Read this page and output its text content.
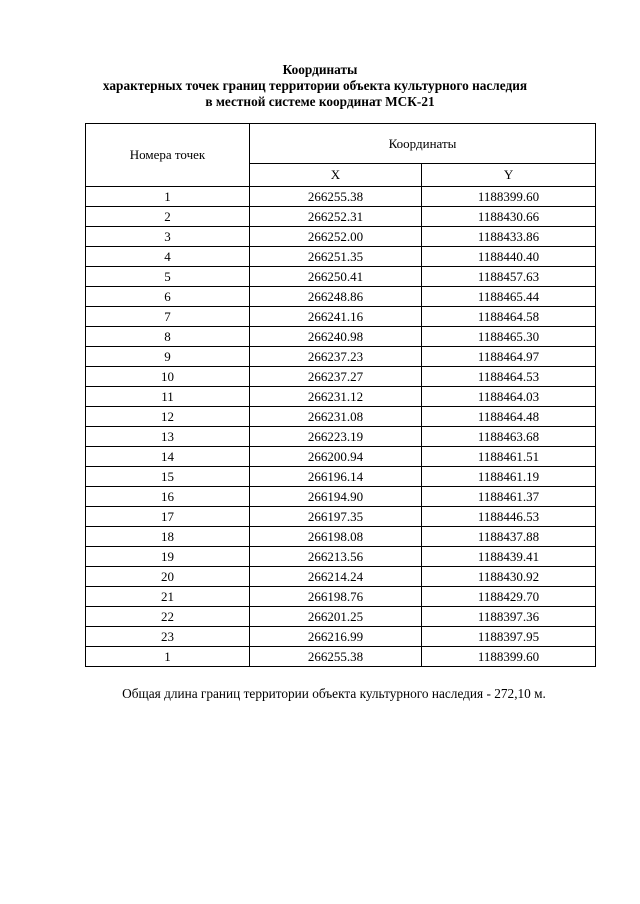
Координаты
характерных точек границ территории объекта культурного наследия
в местной системе координат МСК-21
Номера точек	Координаты	
	X	Y
1	266255.38	1188399.60
2	266252.31	1188430.66
3	266252.00	1188433.86
4	266251.35	1188440.40
5	266250.41	1188457.63
6	266248.86	1188465.44
7	266241.16	1188464.58
8	266240.98	1188465.30
9	266237.23	1188464.97
10	266237.27	1188464.53
11	266231.12	1188464.03
12	266231.08	1188464.48
13	266223.19	1188463.68
14	266200.94	1188461.51
15	266196.14	1188461.19
16	266194.90	1188461.37
17	266197.35	1188446.53
18	266198.08	1188437.88
19	266213.56	1188439.41
20	266214.24	1188430.92
21	266198.76	1188429.70
22	266201.25	1188397.36
23	266216.99	1188397.95
1	266255.38	1188399.60
Общая длина границ территории объекта культурного наследия - 272,10 м.
